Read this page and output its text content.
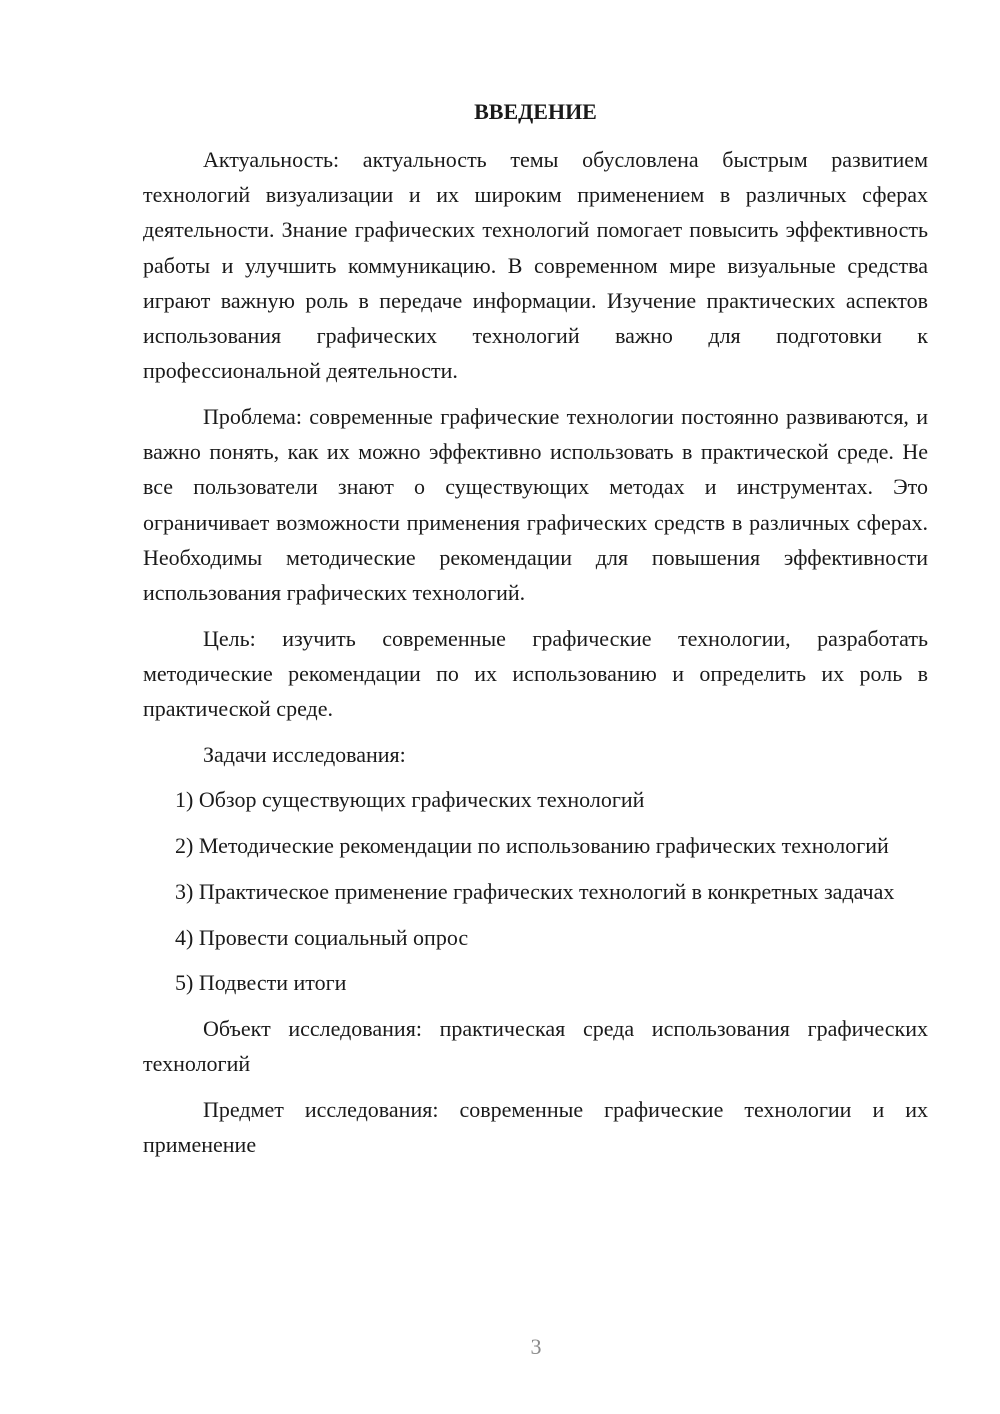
ВВЕДЕНИЕ

Актуальность: актуальность темы обусловлена быстрым развитием технологий визуализации и их широким применением в различных сферах деятельности. Знание графических технологий помогает повысить эффективность работы и улучшить коммуникацию. В современном мире визуальные средства играют важную роль в передаче информации. Изучение практических аспектов использования графических технологий важно для подготовки к профессиональной деятельности.

Проблема: современные графические технологии постоянно развиваются, и важно понять, как их можно эффективно использовать в практической среде. Не все пользователи знают о существующих методах и инструментах. Это ограничивает возможности применения графических средств в различных сферах. Необходимы методические рекомендации для повышения эффективности использования графических технологий.

Цель: изучить современные графические технологии, разработать методические рекомендации по их использованию и определить их роль в практической среде.

Задачи исследования:

1) Обзор существующих графических технологий

2) Методические рекомендации по использованию графических технологий

3) Практическое применение графических технологий в конкретных задачах

4) Провести социальный опрос

5) Подвести итоги

Объект исследования: практическая среда использования графических технологий

Предмет исследования: современные графические технологии и их применение

3
